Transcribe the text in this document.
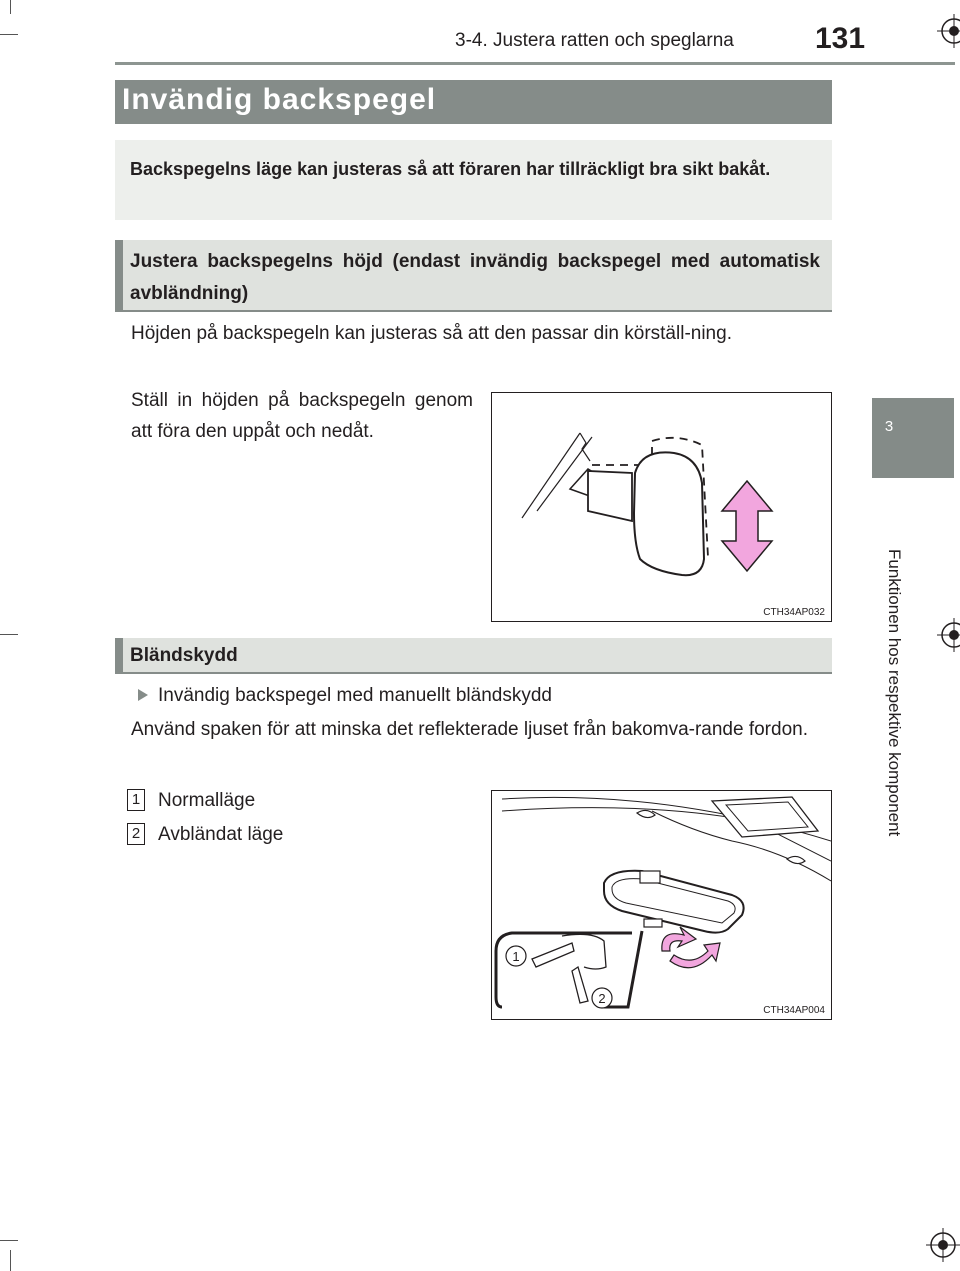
3-4. Justera ratten och speglarna	131
3
Funktionen hos respektive komponent
Invändig backspegel
Backspegelns läge kan justeras så att föraren har tillräckligt bra sikt bakåt.
Justera backspegelns höjd (endast invändig backspegel med automatisk avbländning)
Höjden på backspegeln kan justeras så att den passar din körställ-ning.
Ställ in höjden på backspegeln genom att föra den uppåt och nedåt.
CTH34AP032
Bländskydd
Invändig backspegel med manuellt bländskydd
Använd spaken för att minska det reflekterade ljuset från bakomva-rande fordon.
1 Normalläge
2 Avbländat läge
1
2
CTH34AP004
